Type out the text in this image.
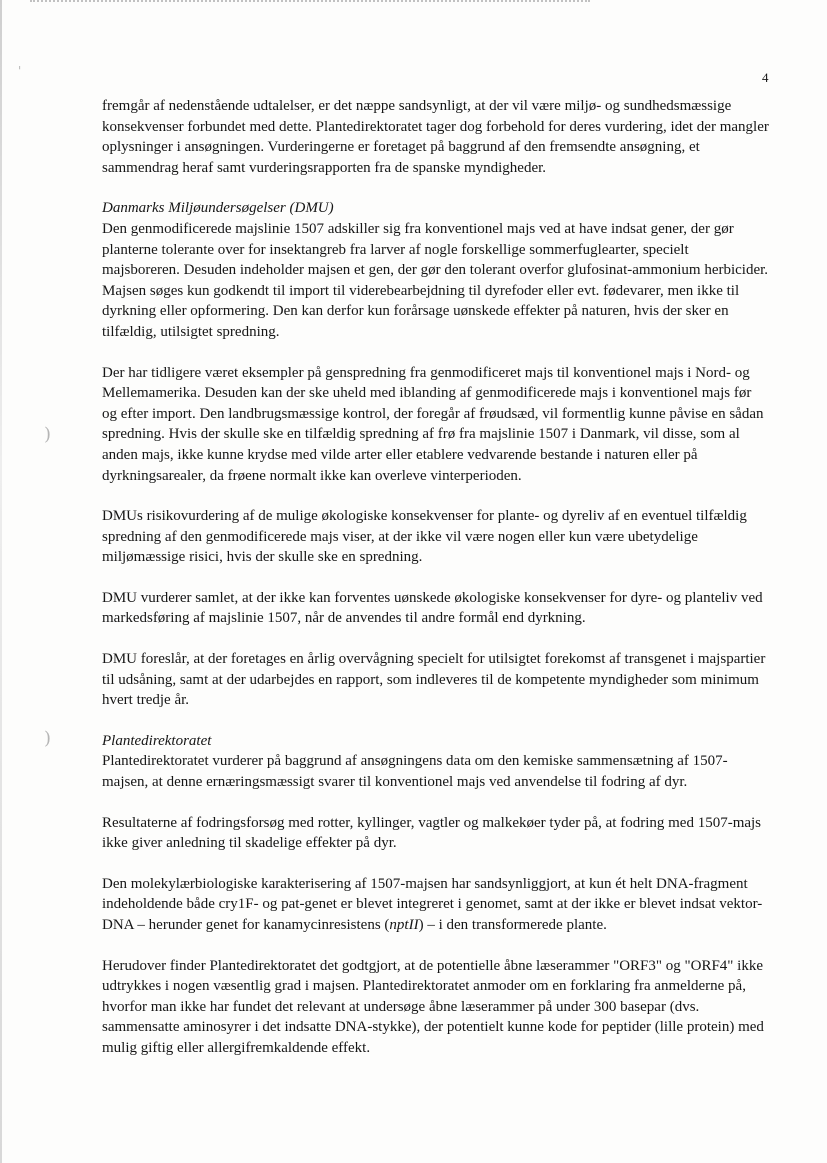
'
)
)
4

fremgår af nedenstående udtalelser, er det næppe sandsynligt, at der vil være miljø- og sundhedsmæssige konsekvenser forbundet med dette. Plantedirektoratet tager dog forbehold for deres vurdering, idet der mangler oplysninger i ansøgningen. Vurderingerne er foretaget på baggrund af den fremsendte ansøgning, et sammendrag heraf samt vurderingsrapporten fra de spanske myndigheder.

Danmarks Miljøundersøgelser (DMU)

Den genmodificerede majslinie 1507 adskiller sig fra konventionel majs ved at have indsat gener, der gør planterne tolerante over for insektangreb fra larver af nogle forskellige sommerfuglearter, specielt majsboreren. Desuden indeholder majsen et gen, der gør den tolerant overfor glufosinat-ammonium herbicider. Majsen søges kun godkendt til import til viderebearbejdning til dyrefoder eller evt. fødevarer, men ikke til dyrkning eller opformering. Den kan derfor kun forårsage uønskede effekter på naturen, hvis der sker en tilfældig, utilsigtet spredning.

Der har tidligere været eksempler på genspredning fra genmodificeret majs til konventionel majs i Nord- og Mellemamerika. Desuden kan der ske uheld med iblanding af genmodificerede majs i konventionel majs før og efter import. Den landbrugsmæssige kontrol, der foregår af frøudsæd, vil formentlig kunne påvise en sådan spredning. Hvis der skulle ske en tilfældig spredning af frø fra majslinie 1507 i Danmark, vil disse, som al anden majs, ikke kunne krydse med vilde arter eller etablere vedvarende bestande i naturen eller på dyrkningsarealer, da frøene normalt ikke kan overleve vinterperioden.

DMUs risikovurdering af de mulige økologiske konsekvenser for plante- og dyreliv af en eventuel tilfældig spredning af den genmodificerede majs viser, at der ikke vil være nogen eller kun være ubetydelige miljømæssige risici, hvis der skulle ske en spredning.

DMU vurderer samlet, at der ikke kan forventes uønskede økologiske konsekvenser for dyre- og planteliv ved markedsføring af majslinie 1507, når de anvendes til andre formål end dyrkning.

DMU foreslår, at der foretages en årlig overvågning specielt for utilsigtet forekomst af transgenet i majspartier til udsåning, samt at der udarbejdes en rapport, som indleveres til de kompetente myndigheder som minimum hvert tredje år.

Plantedirektoratet

Plantedirektoratet vurderer på baggrund af ansøgningens data om den kemiske sammensætning af 1507-majsen, at denne ernæringsmæssigt svarer til konventionel majs ved anvendelse til fodring af dyr.

Resultaterne af fodringsforsøg med rotter, kyllinger, vagtler og malkekøer tyder på, at fodring med 1507-majs ikke giver anledning til skadelige effekter på dyr.

Den molekylærbiologiske karakterisering af 1507-majsen har sandsynliggjort, at kun ét helt DNA-fragment indeholdende både cry1F- og pat-genet er blevet integreret i genomet, samt at der ikke er blevet indsat vektor-DNA – herunder genet for kanamycinresistens (nptII) – i den transformerede plante.

Herudover finder Plantedirektoratet det godtgjort, at de potentielle åbne læserammer "ORF3" og "ORF4" ikke udtrykkes i nogen væsentlig grad i majsen. Plantedirektoratet anmoder om en forklaring fra anmelderne på, hvorfor man ikke har fundet det relevant at undersøge åbne læserammer på under 300 basepar (dvs. sammensatte aminosyrer i det indsatte DNA-stykke), der potentielt kunne kode for peptider (lille protein) med mulig giftig eller allergifremkaldende effekt.
